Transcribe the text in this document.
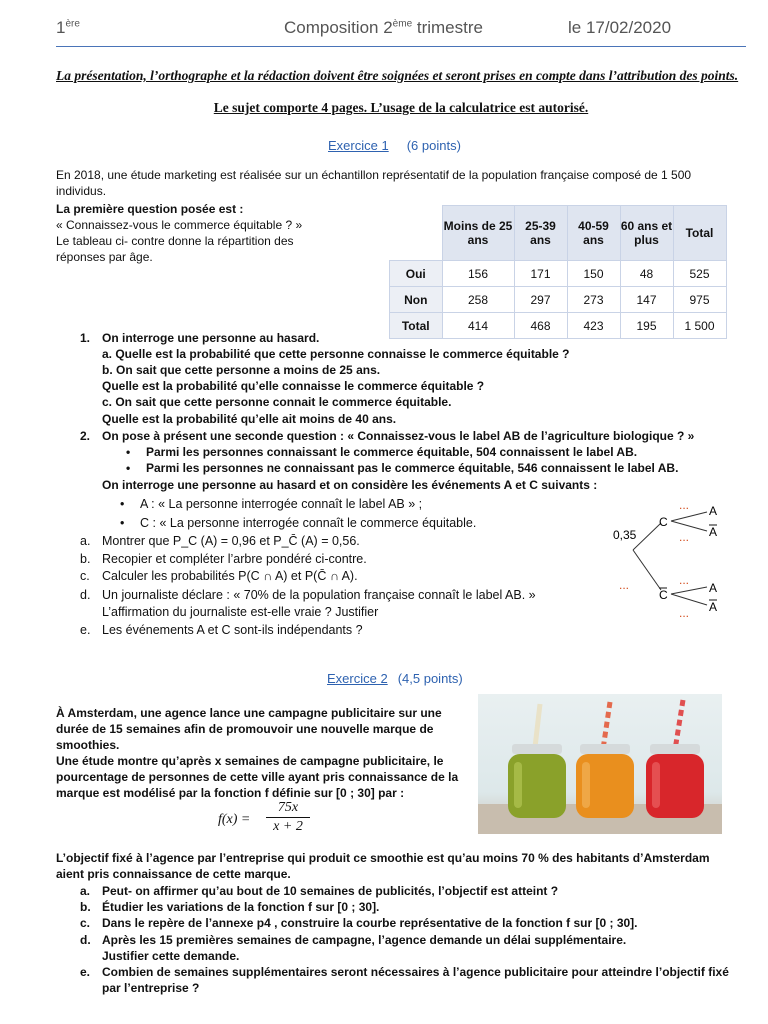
1ère	Composition 2ème trimestre	le 17/02/2020
La présentation, l’orthographe et la rédaction doivent être soignées et seront prises en compte dans l’attribution des points.
Le sujet comporte 4 pages. L’usage de la calculatrice est autorisé.
Exercice 1 (6 points)
En 2018, une étude marketing est réalisée sur un échantillon représentatif de la population française composé de 1 500 individus.
La première question posée est :
« Connaissez-vous le commerce équitable ? »
Le tableau ci- contre donne la répartition des réponses par âge.
	Moins de 25 ans	25-39 ans	40-59 ans	60 ans et plus	Total
Oui	156	171	150	48	525
Non	258	297	273	147	975
Total	414	468	423	195	1 500
1. On interroge une personne au hasard.
a. Quelle est la probabilité que cette personne connaisse le commerce équitable ?
b. On sait que cette personne a moins de 25 ans.
Quelle est la probabilité qu’elle connaisse le commerce équitable ?
c. On sait que cette personne connait le commerce équitable.
Quelle est la probabilité qu’elle ait moins de 40 ans.
2. On pose à présent une seconde question : « Connaissez-vous le label AB de l’agriculture biologique ? »
• Parmi les personnes connaissant le commerce équitable, 504 connaissent le label AB.
• Parmi les personnes ne connaissant pas le commerce équitable, 546 connaissent le label AB.
On interroge une personne au hasard et on considère les événements A et C suivants :
• A : « La personne interrogée connaît le label AB » ;
• C : « La personne interrogée connaît le commerce équitable.
a. Montrer que P_C (A) = 0,96 et P_C̄ (A) = 0,56.
b. Recopier et compléter l’arbre pondéré ci-contre.
c. Calculer les probabilités P(C ∩ A) et P(C̄ ∩ A).
d. Un journaliste déclare : « 70% de la population française connaît le label AB. »
L’affirmation du journaliste est-elle vraie ? Justifier
e. Les événements A et C sont-ils indépendants ?
0,35
...
...
...
...
...
C
C
A
A
A
A
Exercice 2 (4,5 points)
À Amsterdam, une agence lance une campagne publicitaire sur une durée de 15 semaines afin de promouvoir une nouvelle marque de smoothies.
Une étude montre qu’après x semaines de campagne publicitaire, le pourcentage de personnes de cette ville ayant pris connaissance de la marque est modélisé par la fonction f définie sur [0 ; 30] par :
f(x) =
75x
x + 2
L’objectif fixé à l’agence par l’entreprise qui produit ce smoothie est qu’au moins 70 % des habitants d’Amsterdam aient pris connaissance de cette marque.
a. Peut- on affirmer qu’au bout de 10 semaines de publicités, l’objectif est atteint ?
b. Étudier les variations de la fonction f sur [0 ; 30].
c. Dans le repère de l’annexe p4 , construire la courbe représentative de la fonction f sur [0 ; 30].
d. Après les 15 premières semaines de campagne, l’agence demande un délai supplémentaire.
Justifier cette demande.
e. Combien de semaines supplémentaires seront nécessaires à l’agence publicitaire pour atteindre l’objectif fixé
par l’entreprise ?
